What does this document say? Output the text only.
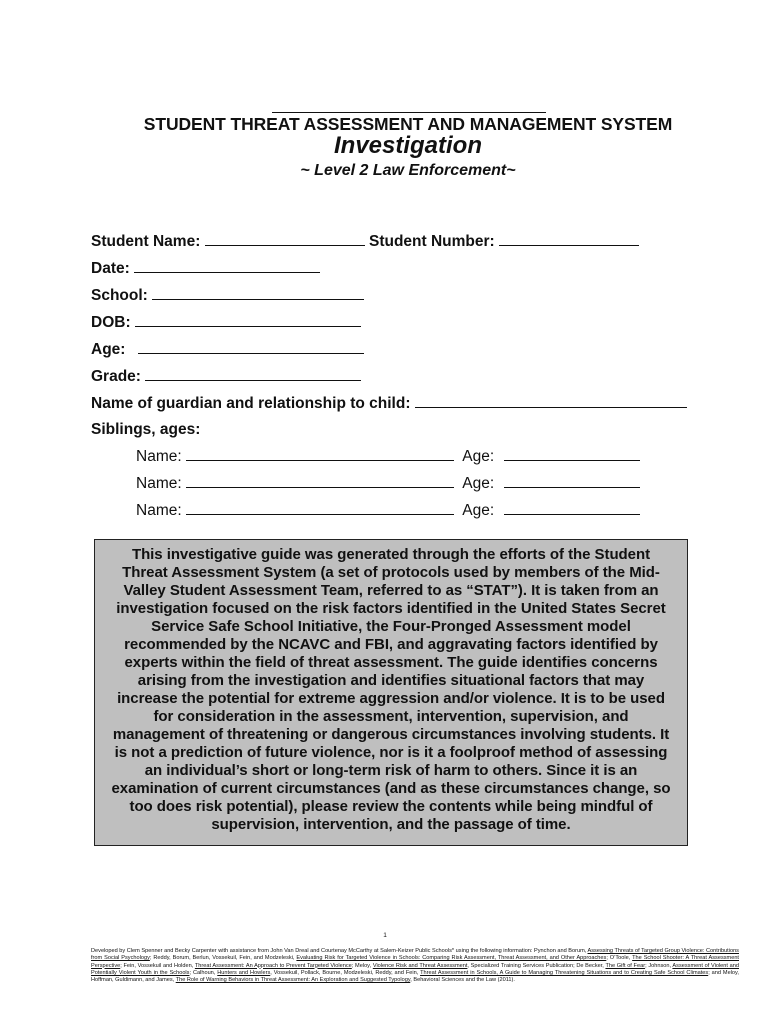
STUDENT THREAT ASSESSMENT AND MANAGEMENT SYSTEM
Investigation
~ Level 2 Law Enforcement~
Student Name:	Student Number:
Date:
School:
DOB:
Age:
Grade:
Name of guardian and relationship to child:
Siblings, ages:
Name:	Age:
Name:	Age:
Name:	Age:
This investigative guide was generated through the efforts of the Student
Threat Assessment System (a set of protocols used by members of the Mid-
Valley Student Assessment Team, referred to as “STAT”). It is taken from an
investigation focused on the risk factors identified in the United States Secret
Service Safe School Initiative, the Four-Pronged Assessment model
recommended by the NCAVC and FBI, and aggravating factors identified by
experts within the field of threat assessment. The guide identifies concerns
arising from the investigation and identifies situational factors that may
increase the potential for extreme aggression and/or violence. It is to be used
for consideration in the assessment, intervention, supervision, and
management of threatening or dangerous circumstances involving students. It
is not a prediction of future violence, nor is it a foolproof method of assessing
an individual’s short or long-term risk of harm to others. Since it is an
examination of current circumstances (and as these circumstances change, so
too does risk potential), please review the contents while being mindful of
supervision, intervention, and the passage of time.
1
Developed by Clem Spenner and Becky Carpenter with assistance from John Van Dreal and Courtenay McCarthy at Salem-Keizer Public Schools* using the following information: Pynchon and Borum, Assessing Threats of Targeted Group Violence: Contributions from Social Psychology; Reddy, Borum, Berlun, Vossekuil, Fein, and Modzeleski, Evaluating Risk for Targeted Violence in Schools: Comparing Risk Assessment, Threat Assessment, and Other Approaches; O’Toole, The School Shooter: A Threat Assessment Perspective; Fein, Vossekuil and Holden, Threat Assessment: An Approach to Prevent Targeted Violence; Meloy, Violence Risk and Threat Assessment, Specialized Training Services Publication; De Becker, The Gift of Fear; Johnson, Assessment of Violent and Potentially Violent Youth in the Schools; Calhoun, Hunters and Howlers, Vossekuil, Pollack, Bourne, Modzeleski, Reddy, and Fein, Threat Assessment in Schools, A Guide to Managing Threatening Situations and to Creating Safe School Climates; and Meloy, Hoffman, Guldimann, and James, The Role of Warning Behaviors in Threat Assessment: An Exploration and Suggested Typology, Behavioral Sciences and the Law (2011).
